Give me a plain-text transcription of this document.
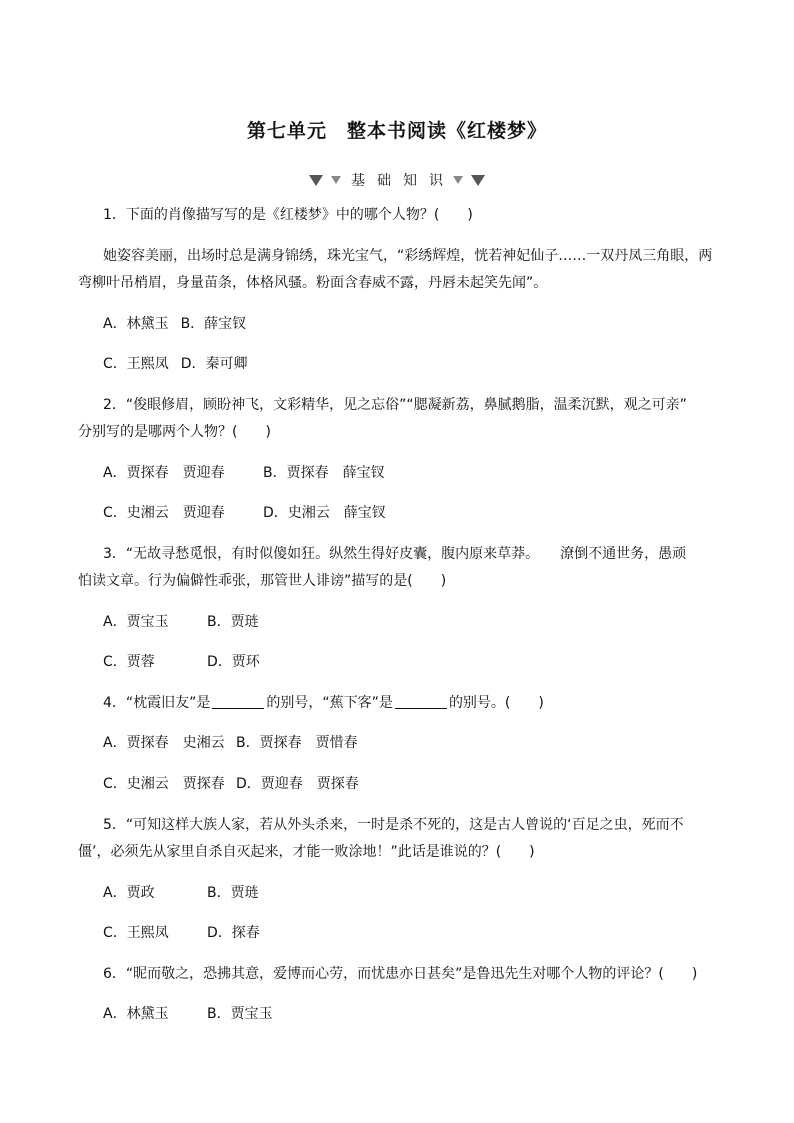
第七单元　整本书阅读《红楼梦》
基础知识
1．下面的肖像描写写的是《红楼梦》中的哪个人物？(　　)
她姿容美丽，出场时总是满身锦绣，珠光宝气，“彩绣辉煌，恍若神妃仙子……一双丹凤三角眼，两
弯柳叶吊梢眉，身量苗条，体格风骚。粉面含春威不露，丹唇未起笑先闻”。
A．林黛玉 B．薛宝钗
C．王熙凤 D．秦可卿
2．“俊眼修眉，顾盼神飞，文彩精华，见之忘俗”“腮凝新荔，鼻腻鹅脂，温柔沉默，观之可亲”
分别写的是哪两个人物？(　　)
A．贾探春　贾迎春	B．贾探春　薛宝钗
C．史湘云　贾迎春	D．史湘云　薛宝钗
3．“无故寻愁觅恨，有时似傻如狂。纵然生得好皮囊，腹内原来草莽。　　潦倒不通世务，愚顽
怕读文章。行为偏僻性乖张，那管世人诽谤”描写的是(　　)
A．贾宝玉	B．贾琏
C．贾蓉	D．贾环
4．“枕霞旧友”是	的别号，“蕉下客”是	的别号。(　　)
A．贾探春　史湘云 B．贾探春　贾惜春
C．史湘云　贾探春 D．贾迎春　贾探春
5．“可知这样大族人家，若从外头杀来，一时是杀不死的，这是古人曾说的‘百足之虫，死而不
僵’，必须先从家里自杀自灭起来，才能一败涂地！”此话是谁说的？(　　)
A．贾政	B．贾琏
C．王熙凤	D．探春
6．“昵而敬之，恐拂其意，爱博而心劳，而忧患亦日甚矣”是鲁迅先生对哪个人物的评论？(　　)
A．林黛玉	B．贾宝玉
